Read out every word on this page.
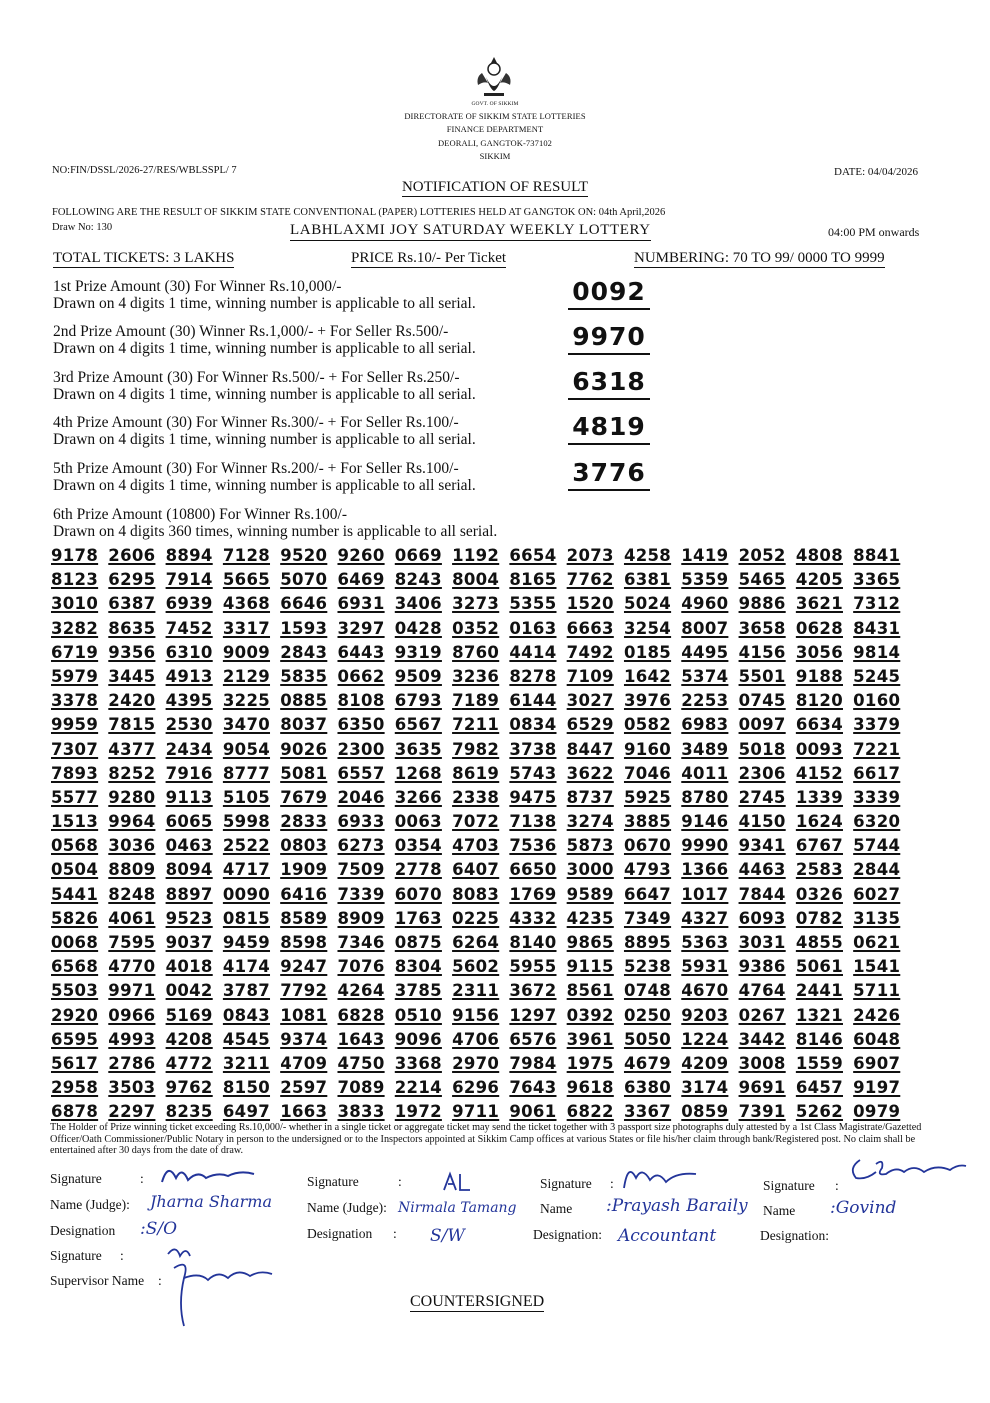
GOVT. OF SIKKIM
DIRECTORATE OF SIKKIM STATE LOTTERIES
FINANCE DEPARTMENT
DEORALI, GANGTOK-737102
SIKKIM
NO:FIN/DSSL/2026-27/RES/WBLSSPL/ 7	DATE: 04/04/2026
NOTIFICATION OF RESULT
FOLLOWING ARE THE RESULT OF SIKKIM STATE CONVENTIONAL (PAPER) LOTTERIES HELD AT GANGTOK ON: 04th April,2026
Draw No: 130	LABHLAXMI JOY SATURDAY WEEKLY LOTTERY	04:00 PM onwards
TOTAL TICKETS: 3 LAKHS	PRICE Rs.10/- Per Ticket	NUMBERING: 70 TO 99/ 0000 TO 9999
1st Prize Amount (30) For Winner Rs.10,000/-
Drawn on 4 digits 1 time, winning number is applicable to all serial.	0092
2nd Prize Amount (30) Winner Rs.1,000/- + For Seller Rs.500/-
Drawn on 4 digits 1 time, winning number is applicable to all serial.	9970
3rd Prize Amount (30) For Winner Rs.500/- + For Seller Rs.250/-
Drawn on 4 digits 1 time, winning number is applicable to all serial.	6318
4th Prize Amount (30) For Winner Rs.300/- + For Seller Rs.100/-
Drawn on 4 digits 1 time, winning number is applicable to all serial.	4819
5th Prize Amount (30) For Winner Rs.200/- + For Seller Rs.100/-
Drawn on 4 digits 1 time, winning number is applicable to all serial.	3776
6th Prize Amount (10800) For Winner Rs.100/-
Drawn on 4 digits 360 times, winning number is applicable to all serial.
9178 2606 8894 7128 9520 9260 0669 1192 6654 2073 4258 1419 2052 4808 8841
8123 6295 7914 5665 5070 6469 8243 8004 8165 7762 6381 5359 5465 4205 3365
3010 6387 6939 4368 6646 6931 3406 3273 5355 1520 5024 4960 9886 3621 7312
3282 8635 7452 3317 1593 3297 0428 0352 0163 6663 3254 8007 3658 0628 8431
6719 9356 6310 9009 2843 6443 9319 8760 4414 7492 0185 4495 4156 3056 9814
5979 3445 4913 2129 5835 0662 9509 3236 8278 7109 1642 5374 5501 9188 5245
3378 2420 4395 3225 0885 8108 6793 7189 6144 3027 3976 2253 0745 8120 0160
9959 7815 2530 3470 8037 6350 6567 7211 0834 6529 0582 6983 0097 6634 3379
7307 4377 2434 9054 9026 2300 3635 7982 3738 8447 9160 3489 5018 0093 7221
7893 8252 7916 8777 5081 6557 1268 8619 5743 3622 7046 4011 2306 4152 6617
5577 9280 9113 5105 7679 2046 3266 2338 9475 8737 5925 8780 2745 1339 3339
1513 9964 6065 5998 2833 6933 0063 7072 7138 3274 3885 9146 4150 1624 6320
0568 3036 0463 2522 0803 6273 0354 4703 7536 5873 0670 9990 9341 6767 5744
0504 8809 8094 4717 1909 7509 2778 6407 6650 3000 4793 1366 4463 2583 2844
5441 8248 8897 0090 6416 7339 6070 8083 1769 9589 6647 1017 7844 0326 6027
5826 4061 9523 0815 8589 8909 1763 0225 4332 4235 7349 4327 6093 0782 3135
0068 7595 9037 9459 8598 7346 0875 6264 8140 9865 8895 5363 3031 4855 0621
6568 4770 4018 4174 9247 7076 8304 5602 5955 9115 5238 5931 9386 5061 1541
5503 9971 0042 3787 7792 4264 3785 2311 3672 8561 0748 4670 4764 2441 5711
2920 0966 5169 0843 1081 6828 0510 9156 1297 0392 0250 9203 0267 1321 2426
6595 4993 4208 4545 9374 1643 9096 4706 6576 3961 5050 1224 3442 8146 6048
5617 2786 4772 3211 4709 4750 3368 2970 7984 1975 4679 4209 3008 1559 6907
2958 3503 9762 8150 2597 7089 2214 6296 7643 9618 6380 3174 9691 6457 9197
6878 2297 8235 6497 1663 3833 1972 9711 9061 6822 3367 0859 7391 5262 0979
The Holder of Prize winning ticket exceeding Rs.10,000/- whether in a single ticket or aggregate ticket may send the ticket together with 3 passport size photographs duly attested by a 1st Class Magistrate/Gazetted Officer/Oath Commissioner/Public Notary in person to the undersigned or to the Inspectors appointed at Sikkim Camp offices at various States or file his/her claim through bank/Registered post. No claim shall be entertained after 30 days from the date of draw.
Signature	:
Name (Judge): Jharna Sharma
Designation :S/O
Signature	:
Name (Judge): Nirmala Tamang
Designation : S/W
Signature :
Name :Prayash Baraily
Designation: Accountant
Signature :
Name :Govind
Designation:
Signature :
Supervisor Name :
COUNTERSIGNED
